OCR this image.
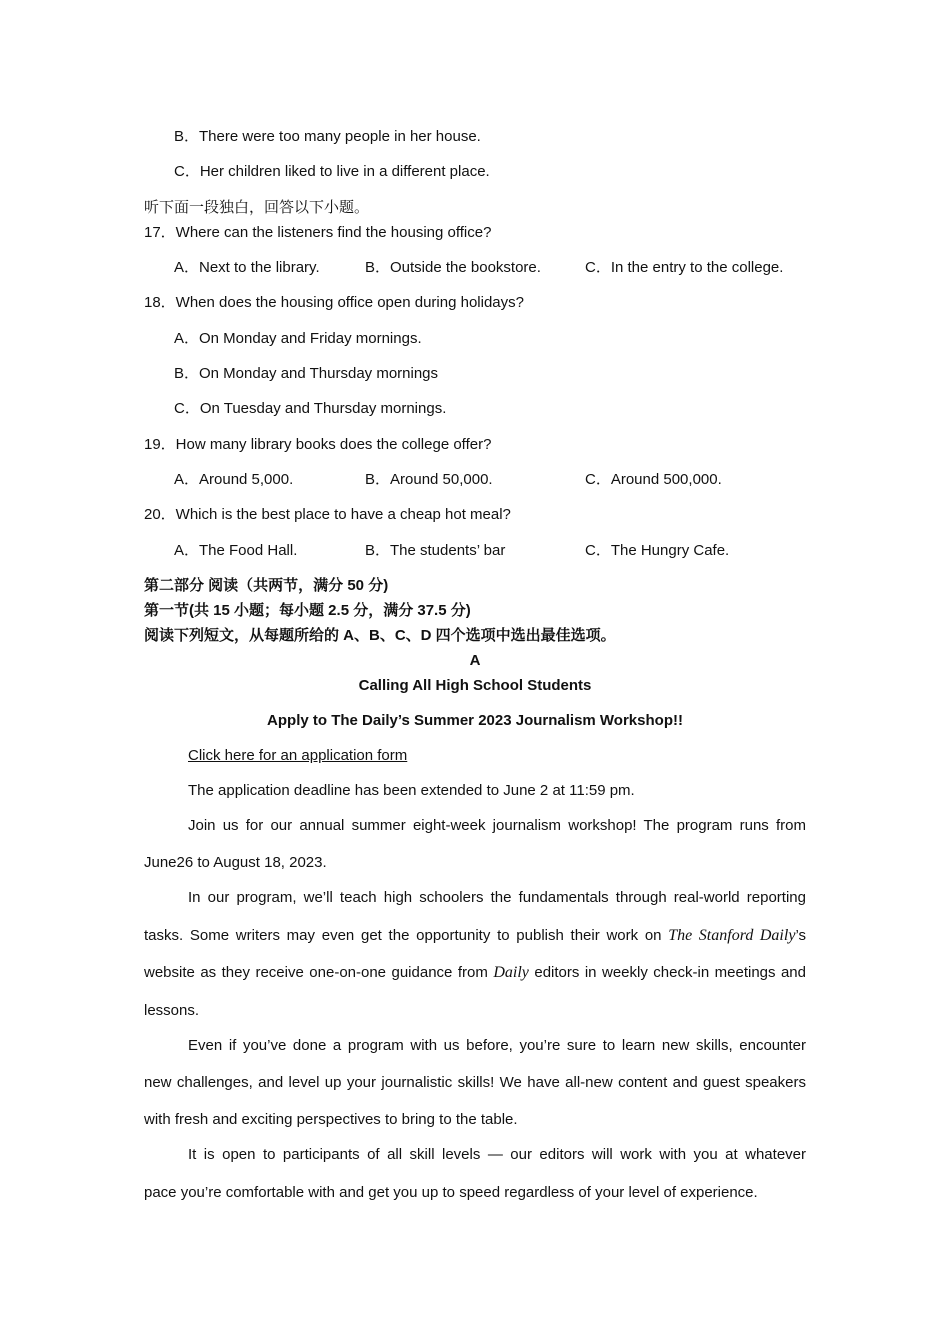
B．There were too many people in her house.
C．Her children liked to live in a different place.
听下面一段独白，回答以下小题。
17．Where can the listeners find the housing office?
A．Next to the library.	B．Outside the bookstore.	C．In the entry to the college.
18．When does the housing office open during holidays?
A．On Monday and Friday mornings.
B．On Monday and Thursday mornings
C．On Tuesday and Thursday mornings.
19．How many library books does the college offer?
A．Around 5,000.	B．Around 50,000.	C．Around 500,000.
20．Which is the best place to have a cheap hot meal?
A．The Food Hall.	B．The students’ bar	C．The Hungry Cafe.
第二部分 阅读（共两节，满分 50 分)
第一节(共 15 小题；每小题 2.5 分，满分 37.5 分)
阅读下列短文，从每题所给的 A、B、C、D 四个选项中选出最佳选项。
A
Calling All High School Students
Apply to The Daily’s Summer 2023 Journalism Workshop!!
Click here for an application form
The application deadline has been extended to June 2 at 11:59 pm.
Join us for our annual summer eight-week journalism workshop! The program runs from
June26 to August 18, 2023.
In our program, we’ll teach high schoolers the fundamentals through real-world reporting
tasks. Some writers may even get the opportunity to publish their work on The Stanford Daily’s
website as they receive one-on-one guidance from Daily editors in weekly check-in meetings and
lessons.
Even if you’ve done a program with us before, you’re sure to learn new skills, encounter
new challenges, and level up your journalistic skills! We have all-new content and guest speakers
with fresh and exciting perspectives to bring to the table.
It is open to participants of all skill levels — our editors will work with you at whatever
pace you’re comfortable with and get you up to speed regardless of your level of experience.
